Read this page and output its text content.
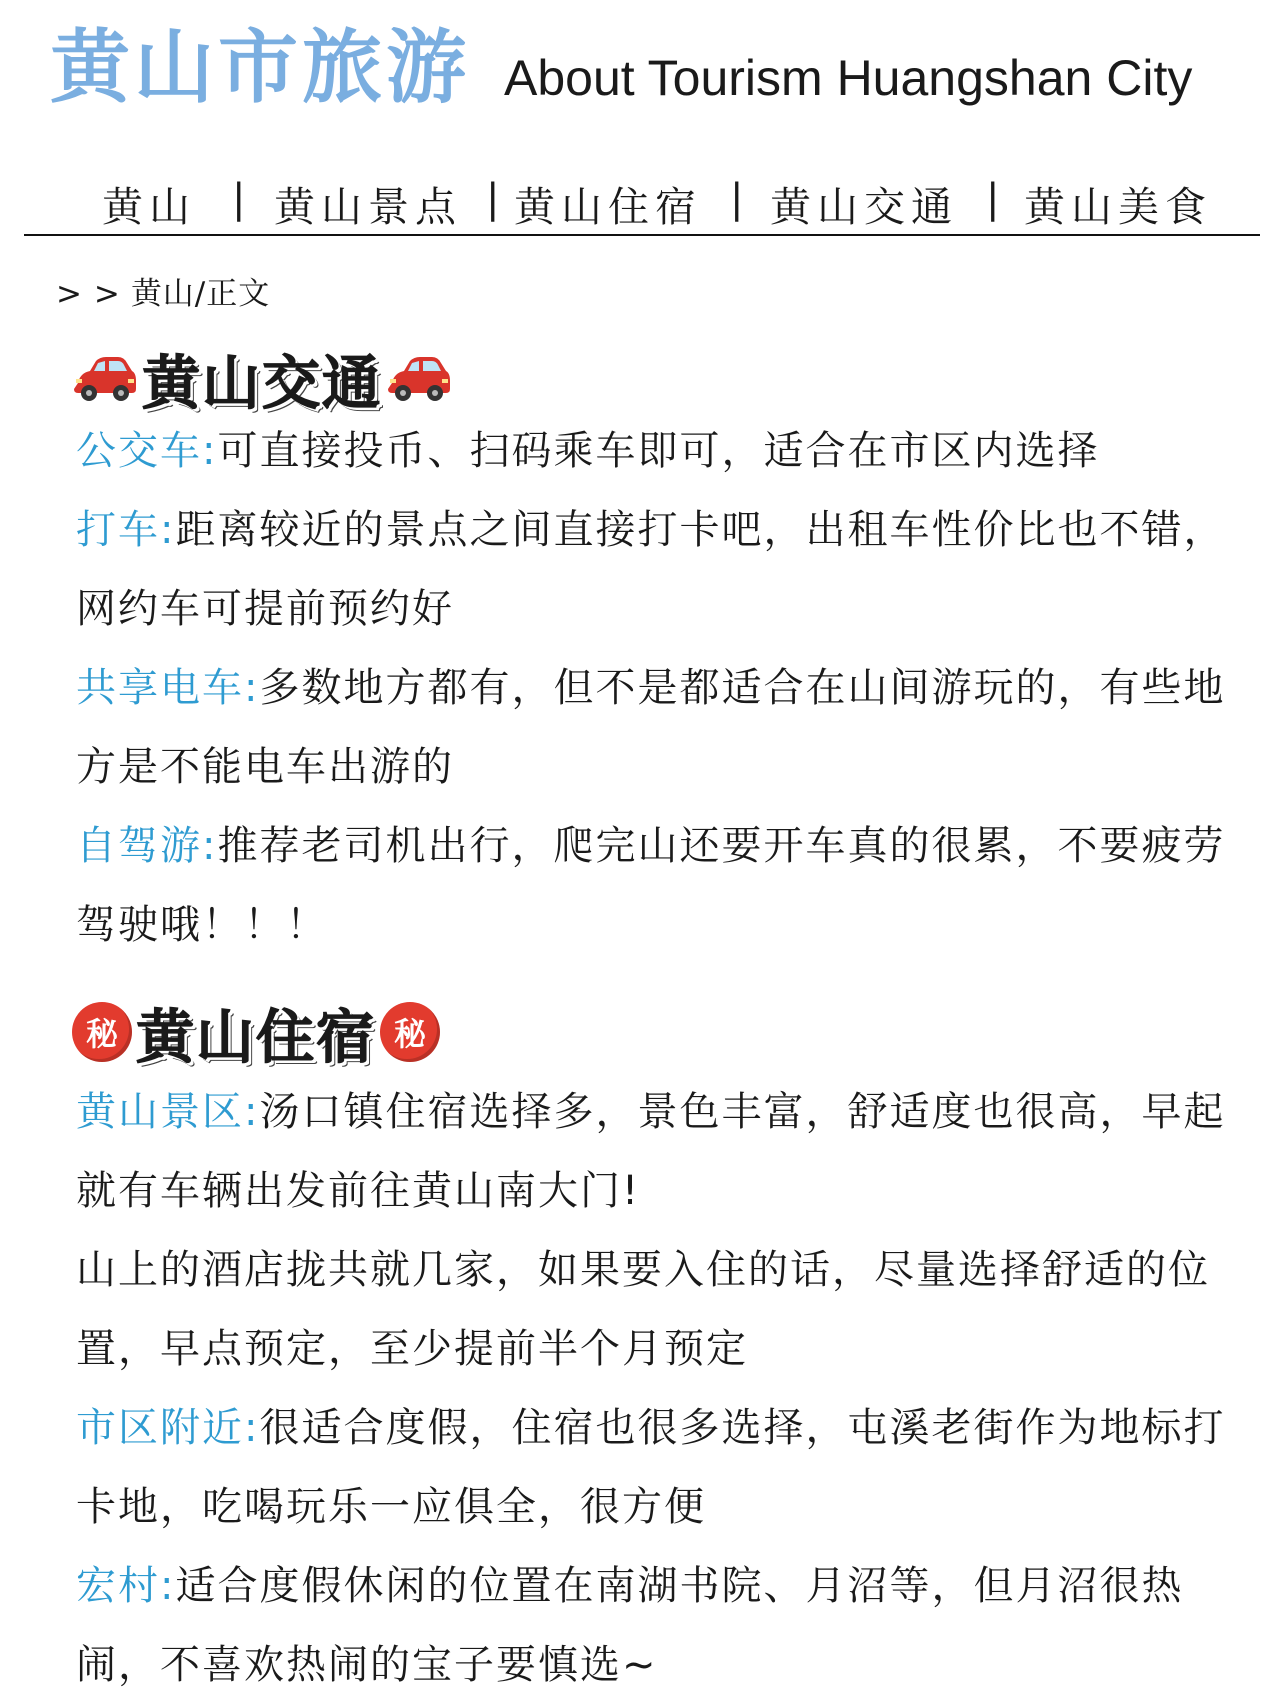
黄山市旅游 About Tourism Huangshan City
黄山 | 黄山景点 | 黄山住宿 | 黄山交通 | 黄山美食
> > 黄山/正文
黄山交通
公交车:可直接投币、扫码乘车即可，适合在市区内选择
打车:距离较近的景点之间直接打卡吧，出租车性价比也不错，网约车可提前预约好
共享电车:多数地方都有，但不是都适合在山间游玩的，有些地方是不能电车出游的
自驾游:推荐老司机出行，爬完山还要开车真的很累，不要疲劳驾驶哦！！！
秘 黄山住宿 秘
黄山景区:汤口镇住宿选择多，景色丰富，舒适度也很高，早起就有车辆出发前往黄山南大门!
山上的酒店拢共就几家，如果要入住的话，尽量选择舒适的位置，早点预定，至少提前半个月预定
市区附近:很适合度假，住宿也很多选择，屯溪老街作为地标打卡地，吃喝玩乐一应俱全，很方便
宏村:适合度假休闲的位置在南湖书院、月沼等，但月沼很热闹，不喜欢热闹的宝子要慎选~
